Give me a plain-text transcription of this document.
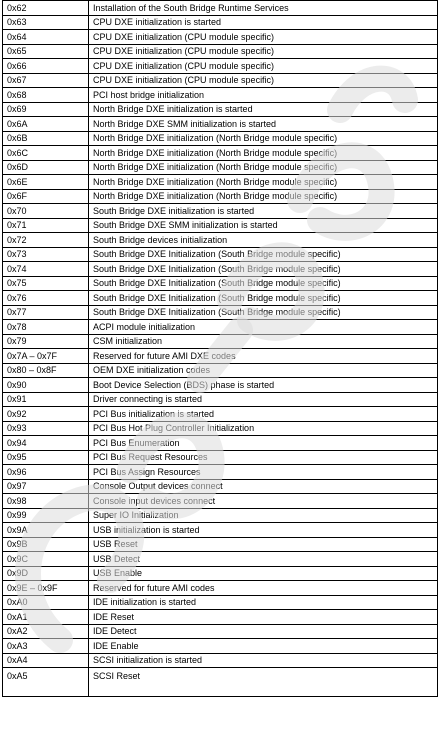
0x62	Installation of the South Bridge Runtime Services
0x63	CPU DXE initialization is started
0x64	CPU DXE initialization (CPU module specific)
0x65	CPU DXE initialization (CPU module specific)
0x66	CPU DXE initialization (CPU module specific)
0x67	CPU DXE initialization (CPU module specific)
0x68	PCI host bridge initialization
0x69	North Bridge DXE initialization is started
0x6A	North Bridge DXE SMM initialization is started
0x6B	North Bridge DXE initialization (North Bridge module specific)
0x6C	North Bridge DXE initialization (North Bridge module specific)
0x6D	North Bridge DXE initialization (North Bridge module specific)
0x6E	North Bridge DXE initialization (North Bridge module specific)
0x6F	North Bridge DXE initialization (North Bridge module specific)
0x70	South Bridge DXE initialization is started
0x71	South Bridge DXE SMM initialization is started
0x72	South Bridge devices initialization
0x73	South Bridge DXE Initialization (South Bridge module specific)
0x74	South Bridge DXE Initialization (South Bridge module specific)
0x75	South Bridge DXE Initialization (South Bridge module specific)
0x76	South Bridge DXE Initialization (South Bridge module specific)
0x77	South Bridge DXE Initialization (South Bridge module specific)
0x78	ACPI module initialization
0x79	CSM initialization
0x7A – 0x7F	Reserved for future AMI DXE codes
0x80 – 0x8F	OEM DXE initialization codes
0x90	Boot Device Selection (BDS) phase is started
0x91	Driver connecting is started
0x92	PCI Bus initialization is started
0x93	PCI Bus Hot Plug Controller Initialization
0x94	PCI Bus Enumeration
0x95	PCI Bus Request Resources
0x96	PCI Bus Assign Resources
0x97	Console Output devices connect
0x98	Console input devices connect
0x99	Super IO Initialization
0x9A	USB initialization is started
0x9B	USB Reset
0x9C	USB Detect
0x9D	USB Enable
0x9E – 0x9F	Reserved for future AMI codes
0xA0	IDE initialization is started
0xA1	IDE Reset
0xA2	IDE Detect
0xA3	IDE Enable
0xA4	SCSI initialization is started
0xA5	SCSI Reset
